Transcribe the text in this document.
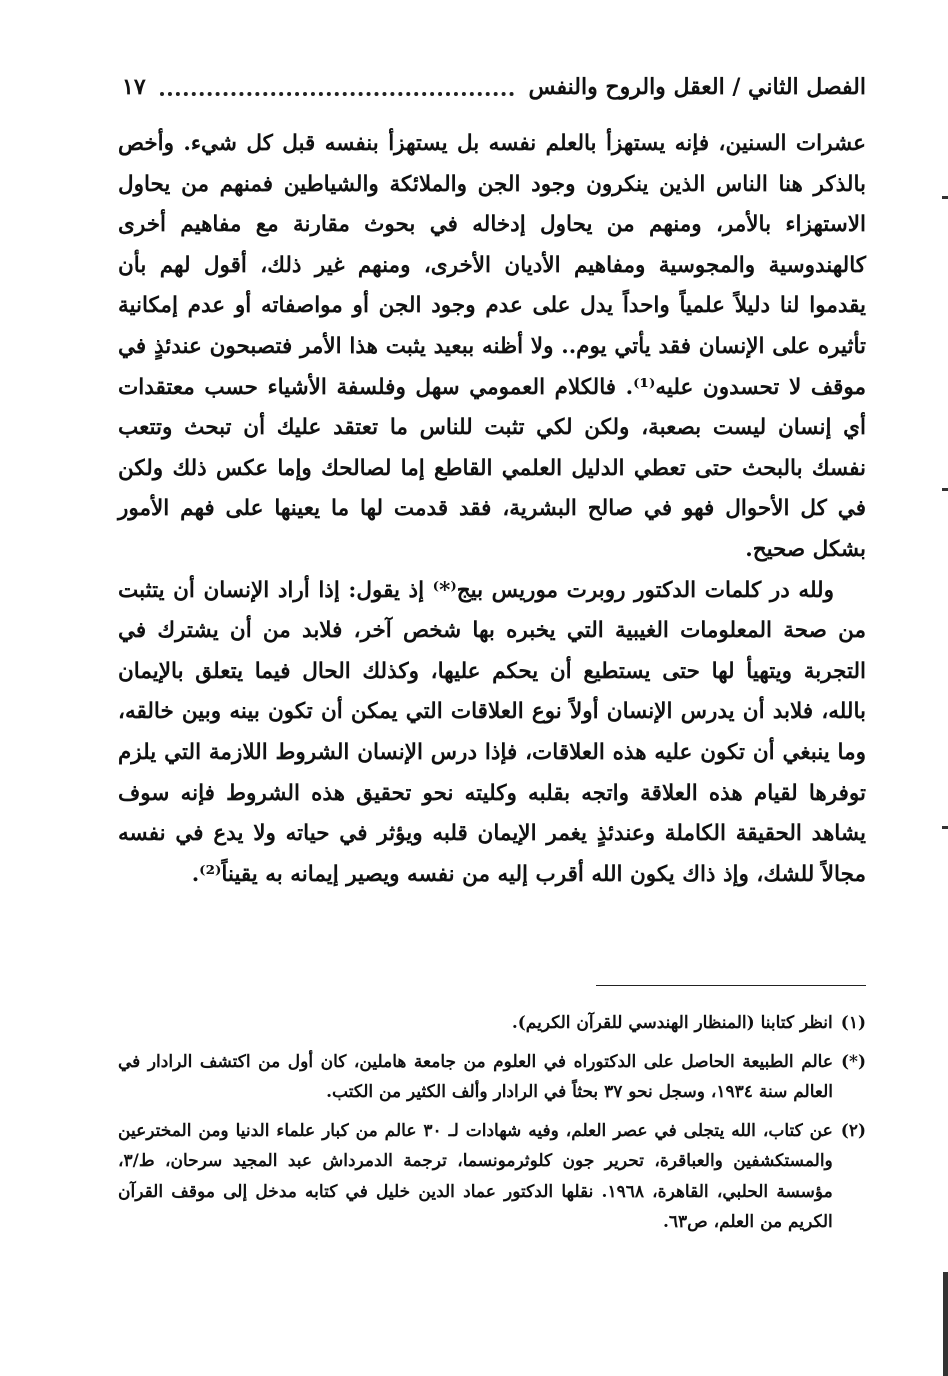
الفصل الثاني / العقل والروح والنفس
١٧

عشرات السنين، فإنه يستهزأ بالعلم نفسه بل يستهزأ بنفسه قبل كل شيء. وأخص بالذكر هنا الناس الذين ينكرون وجود الجن والملائكة والشياطين فمنهم من يحاول الاستهزاء بالأمر، ومنهم من يحاول إدخاله في بحوث مقارنة مع مفاهيم أخرى كالهندوسية والمجوسية ومفاهيم الأديان الأخرى، ومنهم غير ذلك، أقول لهم بأن يقدموا لنا دليلاً علمياً واحداً يدل على عدم وجود الجن أو مواصفاته أو عدم إمكانية تأثيره على الإنسان فقد يأتي يوم.. ولا أظنه ببعيد يثبت هذا الأمر فتصبحون عندئذٍ في موقف لا تحسدون عليه⁽¹⁾. فالكلام العمومي سهل وفلسفة الأشياء حسب معتقدات أي إنسان ليست بصعبة، ولكن لكي تثبت للناس ما تعتقد عليك أن تبحث وتتعب نفسك بالبحث حتى تعطي الدليل العلمي القاطع إما لصالحك وإما عكس ذلك ولكن في كل الأحوال فهو في صالح البشرية، فقد قدمت لها ما يعينها على فهم الأمور بشكل صحيح.

ولله در كلمات الدكتور روبرت موريس بيج⁽*⁾ إذ يقول: إذا أراد الإنسان أن يتثبت من صحة المعلومات الغيبية التي يخبره بها شخص آخر، فلابد من أن يشترك في التجربة ويتهيأ لها حتى يستطيع أن يحكم عليها، وكذلك الحال فيما يتعلق بالإيمان بالله، فلابد أن يدرس الإنسان أولاً نوع العلاقات التي يمكن أن تكون بينه وبين خالقه، وما ينبغي أن تكون عليه هذه العلاقات، فإذا درس الإنسان الشروط اللازمة التي يلزم توفرها لقيام هذه العلاقة واتجه بقلبه وكليته نحو تحقيق هذه الشروط فإنه سوف يشاهد الحقيقة الكاملة وعندئذٍ يغمر الإيمان قلبه ويؤثر في حياته ولا يدع في نفسه مجالاً للشك، وإذ ذاك يكون الله أقرب إليه من نفسه ويصير إيمانه به يقيناً⁽²⁾.

(١)
انظر كتابنا (المنظار الهندسي للقرآن الكريم).
(*)
عالم الطبيعة الحاصل على الدكتوراه في العلوم من جامعة هاملين، كان أول من اكتشف الرادار في العالم سنة ١٩٣٤، وسجل نحو ٣٧ بحثاً في الرادار وألف الكثير من الكتب.
(٢)
عن كتاب، الله يتجلى في عصر العلم، وفيه شهادات لـ ٣٠ عالم من كبار علماء الدنيا ومن المخترعين والمستكشفين والعباقرة، تحرير جون كلوثرمونسما، ترجمة الدمرداش عبد المجيد سرحان، ط/٣، مؤسسة الحلبي، القاهرة، ١٩٦٨. نقلها الدكتور عماد الدين خليل في كتابه مدخل إلى موقف القرآن الكريم من العلم، ص٦٣.
